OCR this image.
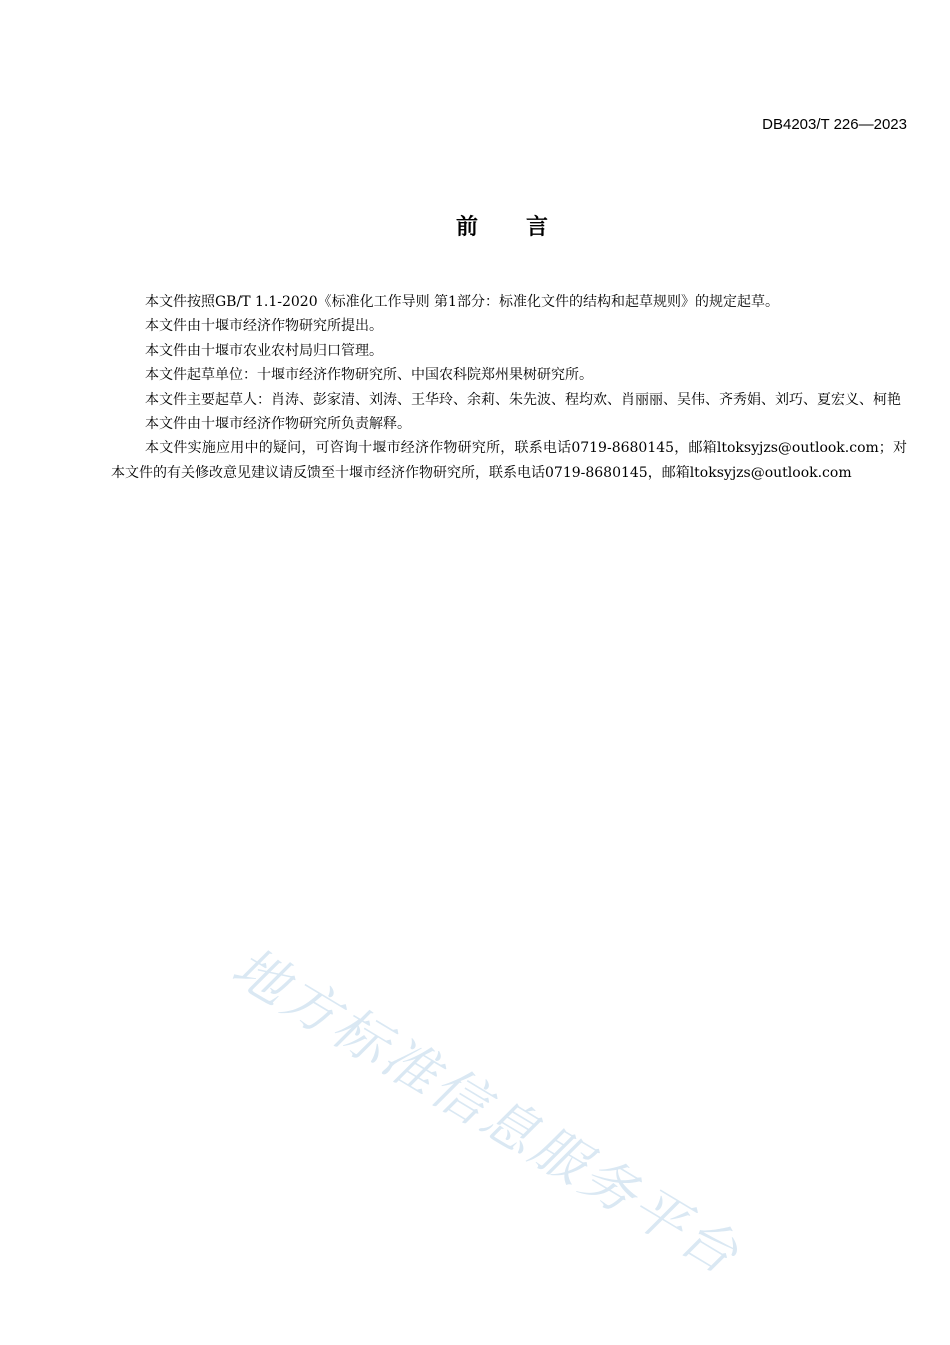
DB4203/T 226—2023
前 言

本文件按照GB/T 1.1-2020《标准化工作导则 第1部分：标准化文件的结构和起草规则》的规定起草。

本文件由十堰市经济作物研究所提出。

本文件由十堰市农业农村局归口管理。

本文件起草单位：十堰市经济作物研究所、中国农科院郑州果树研究所。

本文件主要起草人：肖涛、彭家清、刘涛、王华玲、余莉、朱先波、程均欢、肖丽丽、吴伟、齐秀娟、刘巧、夏宏义、柯艳

本文件由十堰市经济作物研究所负责解释。

本文件实施应用中的疑问，可咨询十堰市经济作物研究所，联系电话0719-8680145，邮箱ltoksyjzs@outlook.com；对本文件的有关修改意见建议请反馈至十堰市经济作物研究所，联系电话0719-8680145，邮箱ltoksyjzs@outlook.com

地方标准信息服务平台
